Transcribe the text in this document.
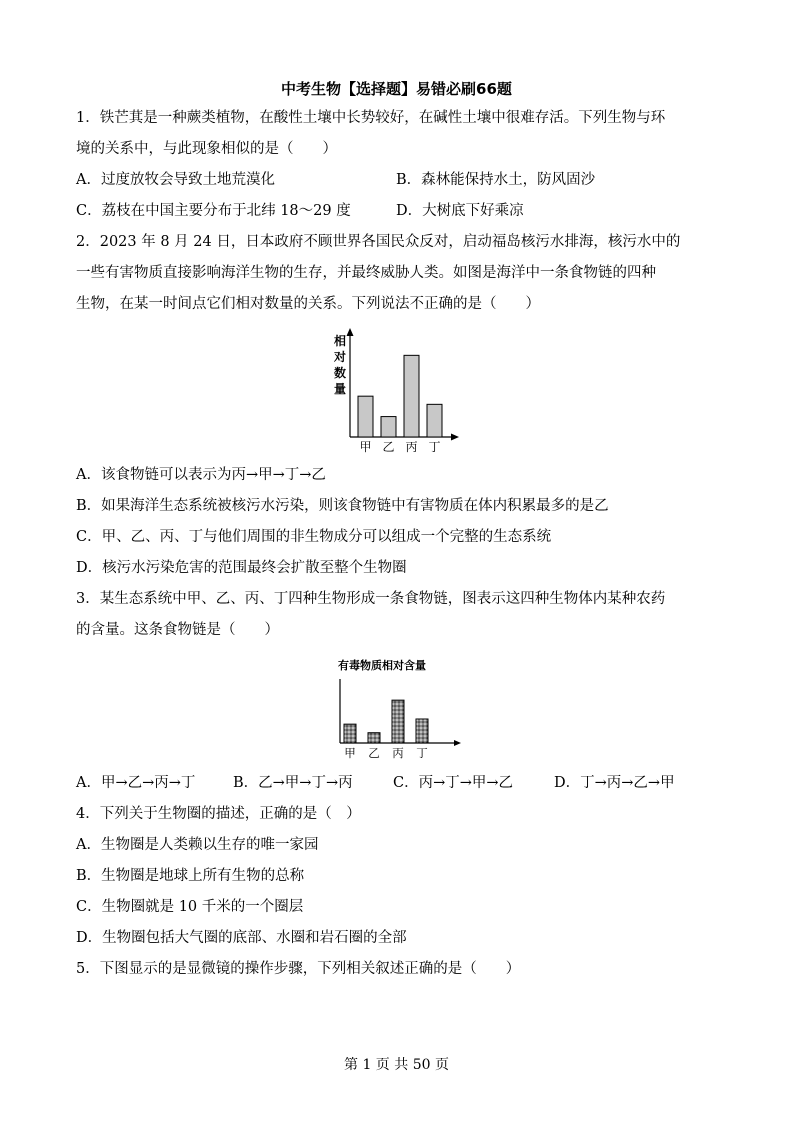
中考生物【选择题】易错必刷66题
1．铁芒萁是一种蕨类植物，在酸性土壤中长势较好，在碱性土壤中很难存活。下列生物与环
境的关系中，与此现象相似的是（　　）
A．过度放牧会导致土地荒漠化	B．森林能保持水土，防风固沙
C．荔枝在中国主要分布于北纬 18～29 度	D．大树底下好乘凉
2．2023 年 8 月 24 日，日本政府不顾世界各国民众反对，启动福岛核污水排海，核污水中的
一些有害物质直接影响海洋生物的生存，并最终威胁人类。如图是海洋中一条食物链的四种
生物，在某一时间点它们相对数量的关系。下列说法不正确的是（　　）
相
对
数
量
甲 乙 丙 丁
A．该食物链可以表示为丙→甲→丁→乙
B．如果海洋生态系统被核污水污染，则该食物链中有害物质在体内积累最多的是乙
C．甲、乙、丙、丁与他们周围的非生物成分可以组成一个完整的生态系统
D．核污水污染危害的范围最终会扩散至整个生物圈
3．某生态系统中甲、乙、丙、丁四种生物形成一条食物链，图表示这四种生物体内某种农药
的含量。这条食物链是（　　）
有毒物质相对含量
甲 乙 丙 丁
A．甲→乙→丙→丁	B．乙→甲→丁→丙	C．丙→丁→甲→乙	D．丁→丙→乙→甲
4．下列关于生物圈的描述，正确的是（　）
A．生物圈是人类赖以生存的唯一家园
B．生物圈是地球上所有生物的总称
C．生物圈就是 10 千米的一个圈层
D．生物圈包括大气圈的底部、水圈和岩石圈的全部
5．下图显示的是显微镜的操作步骤，下列相关叙述正确的是（　　）
第 1 页 共 50 页
